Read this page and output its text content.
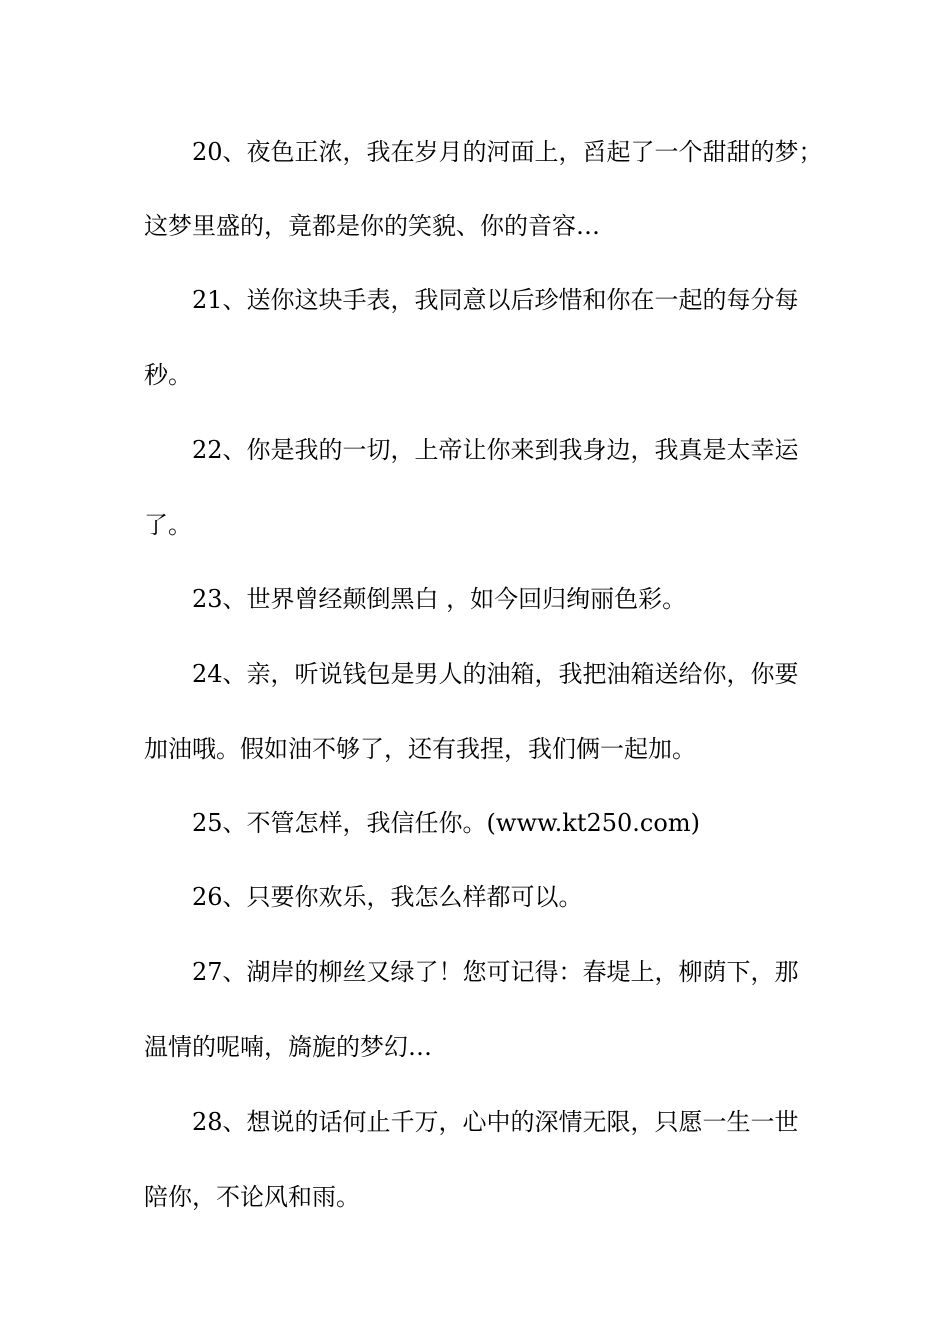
20、夜色正浓，我在岁月的河面上，舀起了一个甜甜的梦；
这梦里盛的，竟都是你的笑貌、你的音容…
21、送你这块手表，我同意以后珍惜和你在一起的每分每
秒。
22、你是我的一切，上帝让你来到我身边，我真是太幸运
了。
23、世界曾经颠倒黑白 ，如今回归绚丽色彩。
24、亲，听说钱包是男人的油箱，我把油箱送给你，你要
加油哦。假如油不够了，还有我捏，我们俩一起加。
25、不管怎样，我信任你。(www.kt250.com)
26、只要你欢乐，我怎么样都可以。
27、湖岸的柳丝又绿了！您可记得：春堤上，柳荫下，那
温情的呢喃，旖旎的梦幻…
28、想说的话何止千万，心中的深情无限，只愿一生一世
陪你，不论风和雨。
